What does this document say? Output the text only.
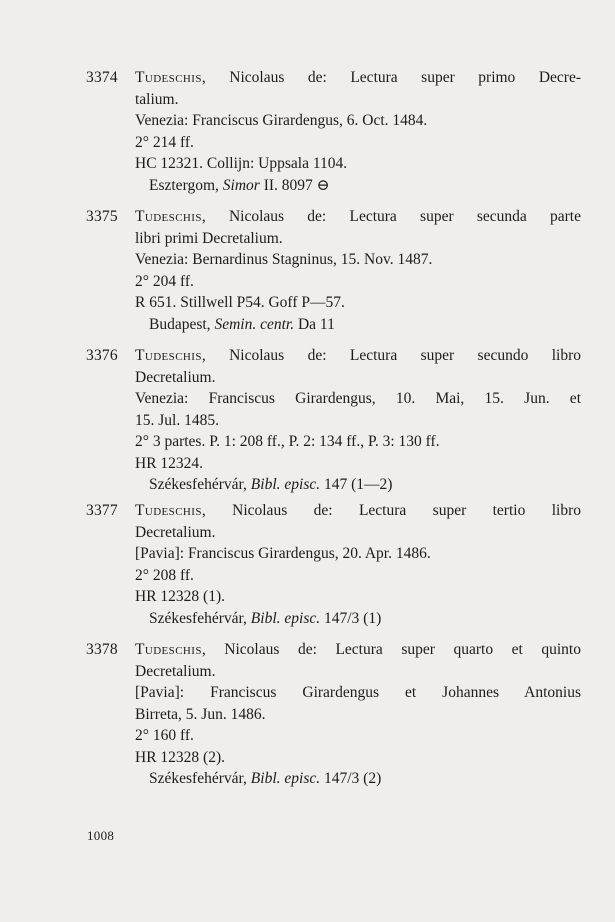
3374 Tudeschis, Nicolaus de: Lectura super primo Decre-
talium.
Venezia: Franciscus Girardengus, 6. Oct. 1484.
2° 214 ff.
HC 12321. Collijn: Uppsala 1104.
Esztergom, Simor II. 8097 ⊖
3375 Tudeschis, Nicolaus de: Lectura super secunda parte
libri primi Decretalium.
Venezia: Bernardinus Stagninus, 15. Nov. 1487.
2° 204 ff.
R 651. Stillwell P54. Goff P—57.
Budapest, Semin. centr. Da 11
3376 Tudeschis, Nicolaus de: Lectura super secundo libro
Decretalium.
Venezia: Franciscus Girardengus, 10. Mai, 15. Jun. et
15. Jul. 1485.
2° 3 partes. P. 1: 208 ff., P. 2: 134 ff., P. 3: 130 ff.
HR 12324.
Székesfehérvár, Bibl. episc. 147 (1—2)
3377 Tudeschis, Nicolaus de: Lectura super tertio libro
Decretalium.
[Pavia]: Franciscus Girardengus, 20. Apr. 1486.
2° 208 ff.
HR 12328 (1).
Székesfehérvár, Bibl. episc. 147/3 (1)
3378 Tudeschis, Nicolaus de: Lectura super quarto et quinto
Decretalium.
[Pavia]: Franciscus Girardengus et Johannes Antonius
Birreta, 5. Jun. 1486.
2° 160 ff.
HR 12328 (2).
Székesfehérvár, Bibl. episc. 147/3 (2)
1008
